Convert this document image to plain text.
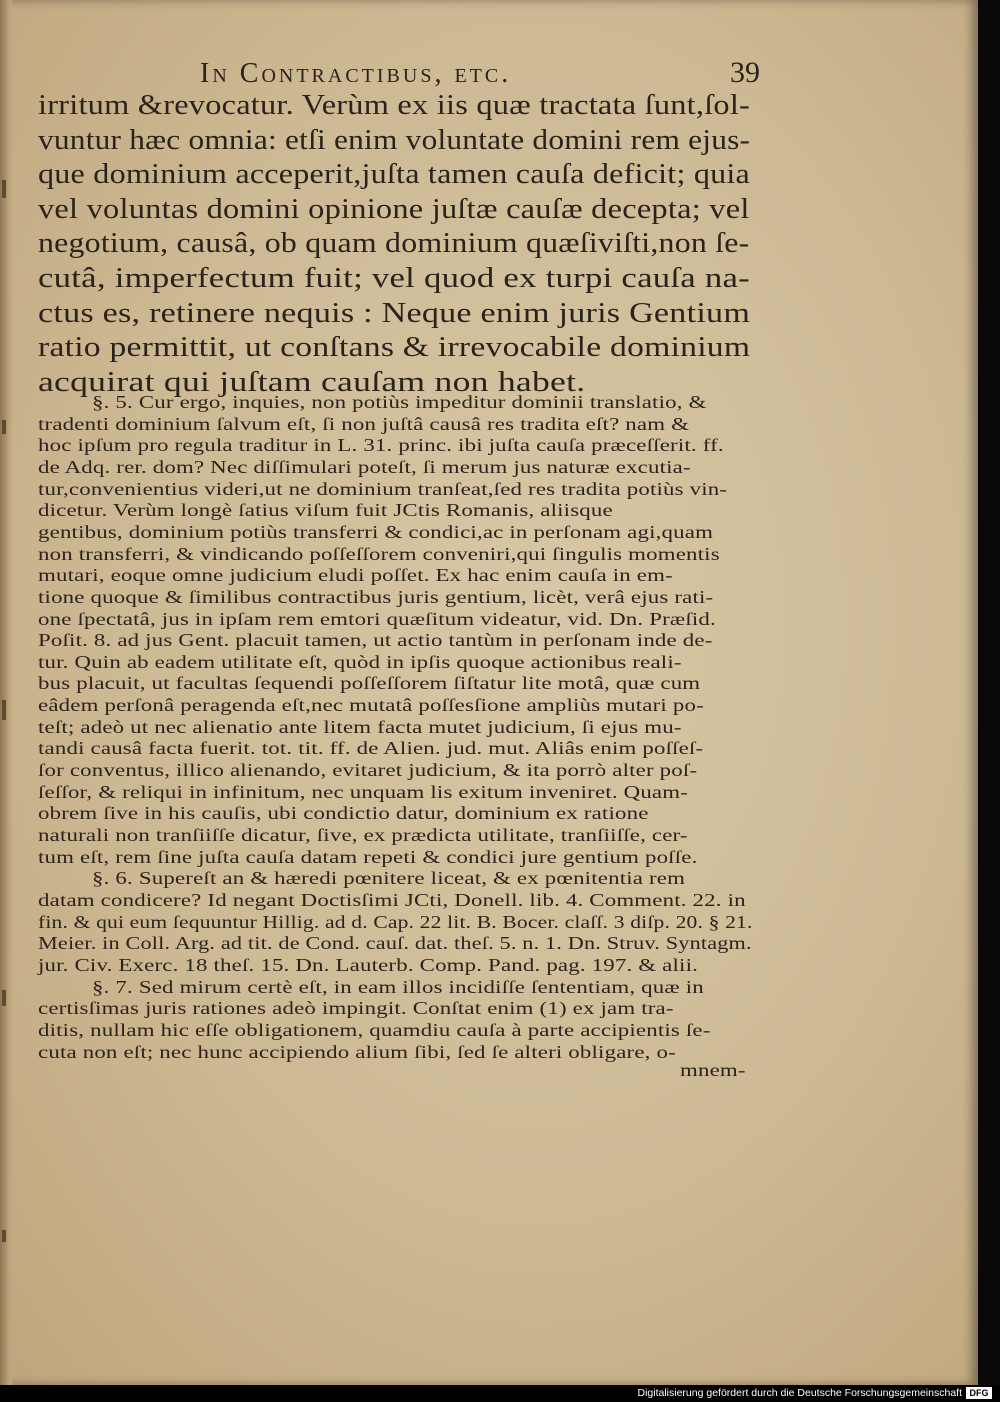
In Contractibus, etc.	39

irritum &revocatur. Verùm ex iis quæ tractata ſunt,ſol-

vuntur hæc omnia: etſi enim voluntate domini rem ejus-

que dominium acceperit,juſta tamen cauſa deficit; quia

vel voluntas domini opinione juſtæ cauſæ decepta; vel

negotium, causâ, ob quam dominium quæſiviſti,non ſe-

cutâ, imperfectum fuit; vel quod ex turpi cauſa na-

ctus es, retinere nequis : Neque enim juris Gentium

ratio permittit, ut conſtans & irrevocabile dominium

acquirat qui juſtam cauſam non habet.

§. 5. Cur ergo, inquies, non potiùs impeditur dominii translatio, &

tradenti dominium ſalvum eſt, ſi non juſtâ causâ res tradita eſt? nam &

hoc ipſum pro regula traditur in L. 31. princ. ibi juſta cauſa præceſſerit. ff.

de Adq. rer. dom? Nec diſſimulari poteſt, ſi merum jus naturæ excutia-

tur,convenientius videri,ut ne dominium tranſeat,ſed res tradita potiùs vin-

dicetur. Verùm longè ſatius viſum fuit JCtis Romanis, aliisque

gentibus, dominium potiùs transferri & condici,ac in perſonam agi,quam

non transferri, & vindicando poſſeſſorem conveniri,qui ſingulis momentis

mutari, eoque omne judicium eludi poſſet. Ex hac enim cauſa in em-

tione quoque & ſimilibus contractibus juris gentium, licèt, verâ ejus rati-

one ſpectatâ, jus in ipſam rem emtori quæſitum videatur, vid. Dn. Præſid.

Poſit. 8. ad jus Gent. placuit tamen, ut actio tantùm in perſonam inde de-

tur. Quin ab eadem utilitate eſt, quòd in ipſis quoque actionibus reali-

bus placuit, ut facultas ſequendi poſſeſſorem ſiſtatur lite motâ, quæ cum

eâdem perſonâ peragenda eſt,nec mutatâ poſſesſione ampliùs mutari po-

teſt; adeò ut nec alienatio ante litem facta mutet judicium, ſi ejus mu-

tandi causâ facta fuerit. tot. tit. ff. de Alien. jud. mut. Aliâs enim poſſeſ-

ſor conventus, illico alienando, evitaret judicium, & ita porrò alter poſ-

ſeſſor, & reliqui in infinitum, nec unquam lis exitum inveniret. Quam-

obrem ſive in his cauſis, ubi condictio datur, dominium ex ratione

naturali non tranſiiſſe dicatur, ſive, ex prædicta utilitate, tranſiiſſe, cer-

tum eſt, rem ſine juſta cauſa datam repeti & condici jure gentium poſſe.

§. 6. Supereſt an & hæredi pœnitere liceat, & ex pœnitentia rem

datam condicere? Id negant Doctisſimi JCti, Donell. lib. 4. Comment. 22. in

fin. & qui eum ſequuntur Hillig. ad d. Cap. 22 lit. B. Bocer. claſſ. 3 diſp. 20. § 21.

Meier. in Coll. Arg. ad tit. de Cond. cauſ. dat. theſ. 5. n. 1. Dn. Struv. Syntagm.

jur. Civ. Exerc. 18 theſ. 15. Dn. Lauterb. Comp. Pand. pag. 197. & alii.

§. 7. Sed mirum certè eſt, in eam illos incidiſſe ſententiam, quæ in

certisſimas juris rationes adeò impingit. Conſtat enim (1) ex jam tra-

ditis, nullam hic eſſe obligationem, quamdiu cauſa à parte accipientis ſe-

cuta non eſt; nec hunc accipiendo alium ſibi, ſed ſe alteri obligare, o-

mnem-

Digitalisierung gefördert durch die Deutsche Forschungsgemeinschaft DFG
